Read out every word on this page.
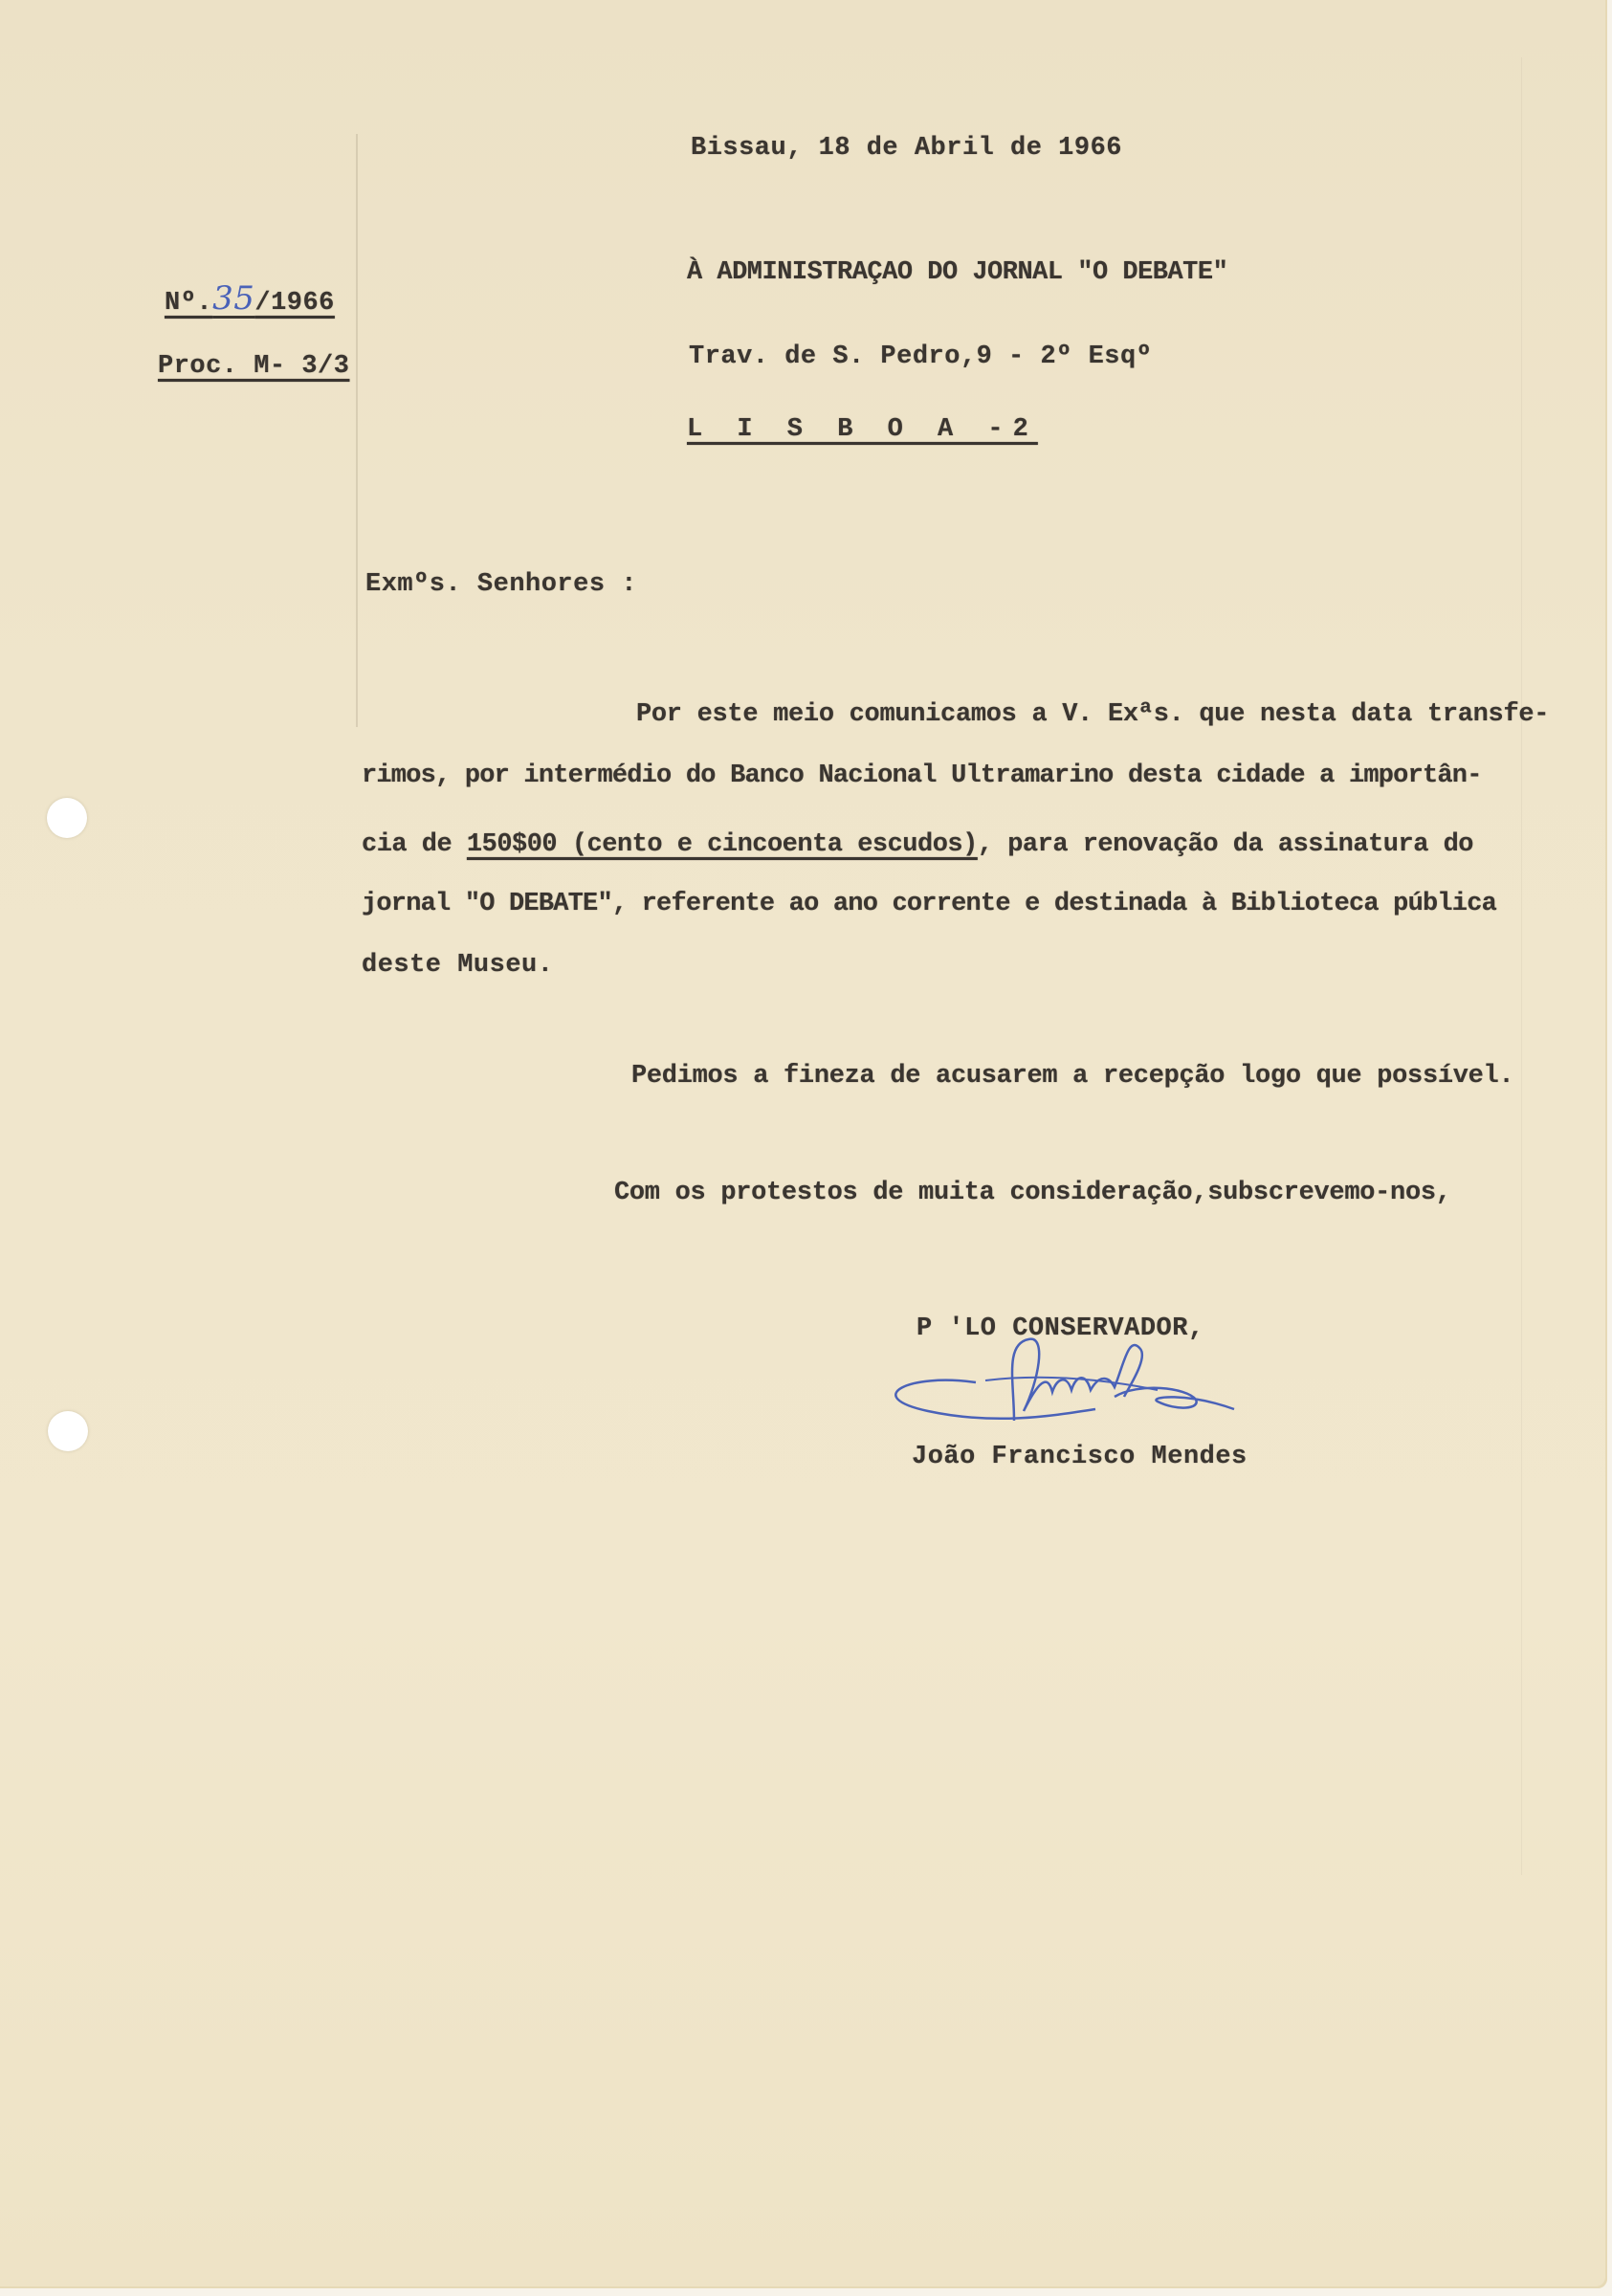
Nº.35/1966
Proc. M- 3/3
Bissau, 18 de Abril de 1966
À ADMINISTRAÇAO DO JORNAL "O DEBATE"
Trav. de S. Pedro,9 - 2º Esqº
L I S B O A -2
Exmºs. Senhores :
Por este meio comunicamos a V. Exªs. que nesta data transfe-
rimos, por intermédio do Banco Nacional Ultramarino desta cidade a importân-
cia de 150$00 (cento e cincoenta escudos), para renovação da assinatura do
jornal "O DEBATE", referente ao ano corrente e destinada à Biblioteca pública
deste Museu.
Pedimos a fineza de acusarem a recepção logo que possível.
Com os protestos de muita consideração,subscrevemo-nos,
P 'LO CONSERVADOR,
João Francisco Mendes
